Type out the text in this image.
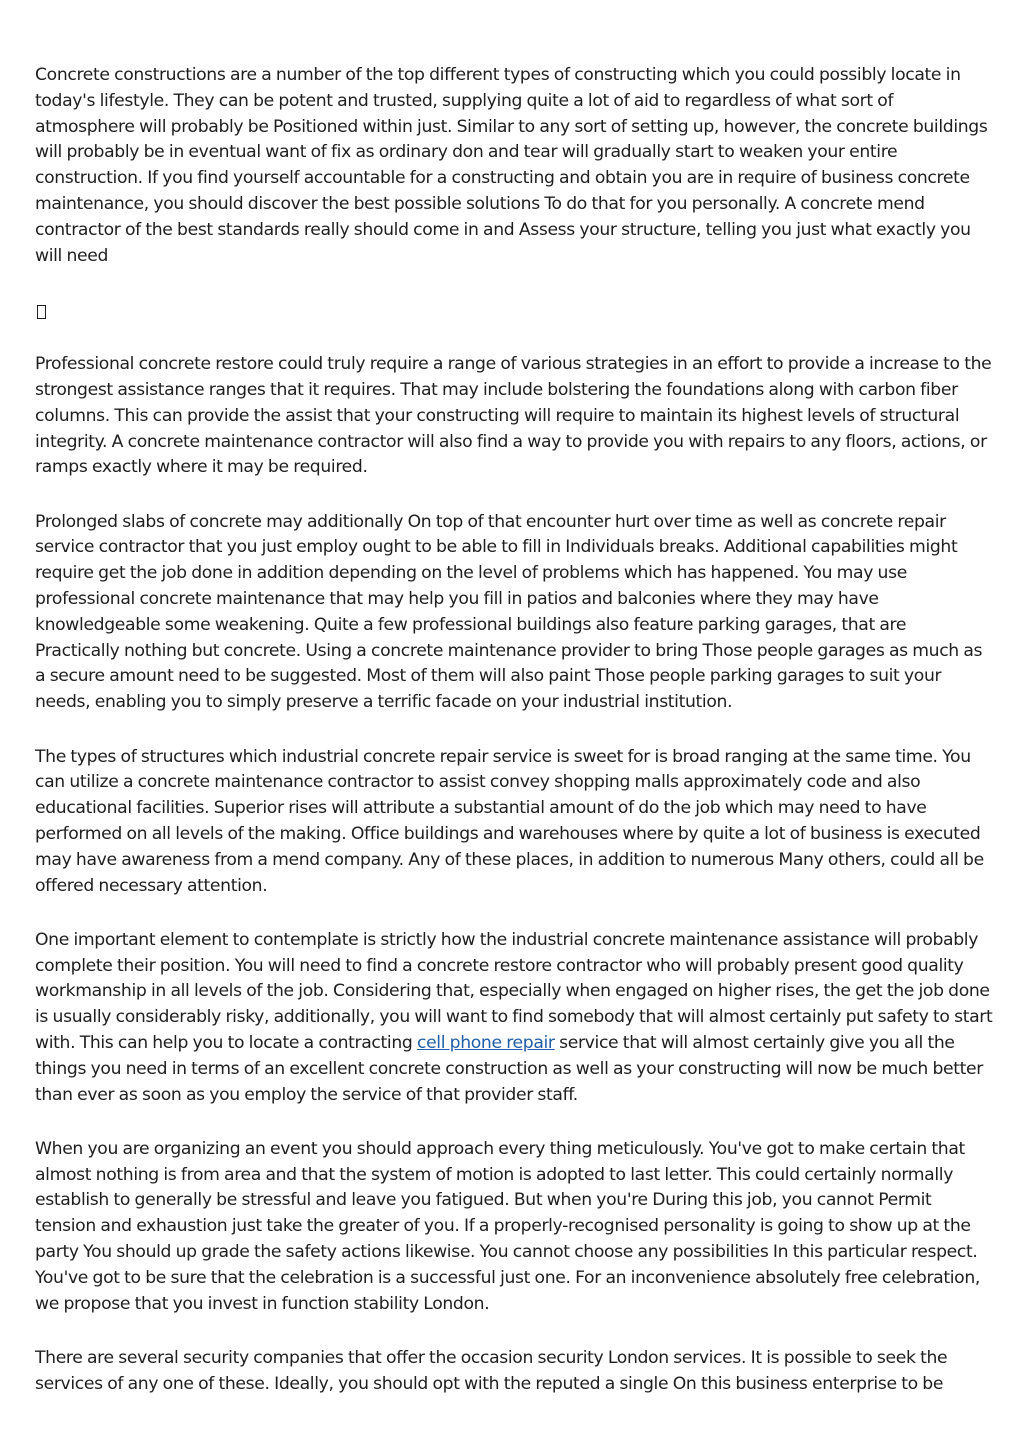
Concrete constructions are a number of the top different types of constructing which you could possibly locate in today's lifestyle. They can be potent and trusted, supplying quite a lot of aid to regardless of what sort of atmosphere will probably be Positioned within just. Similar to any sort of setting up, however, the concrete buildings will probably be in eventual want of fix as ordinary don and tear will gradually start to weaken your entire construction. If you find yourself accountable for a constructing and obtain you are in require of business concrete maintenance, you should discover the best possible solutions To do that for you personally. A concrete mend contractor of the best standards really should come in and Assess your structure, telling you just what exactly you will need

Professional concrete restore could truly require a range of various strategies in an effort to provide a increase to the strongest assistance ranges that it requires. That may include bolstering the foundations along with carbon fiber columns. This can provide the assist that your constructing will require to maintain its highest levels of structural integrity. A concrete maintenance contractor will also find a way to provide you with repairs to any floors, actions, or ramps exactly where it may be required.

Prolonged slabs of concrete may additionally On top of that encounter hurt over time as well as concrete repair service contractor that you just employ ought to be able to fill in Individuals breaks. Additional capabilities might require get the job done in addition depending on the level of problems which has happened. You may use professional concrete maintenance that may help you fill in patios and balconies where they may have knowledgeable some weakening. Quite a few professional buildings also feature parking garages, that are Practically nothing but concrete. Using a concrete maintenance provider to bring Those people garages as much as a secure amount need to be suggested. Most of them will also paint Those people parking garages to suit your needs, enabling you to simply preserve a terrific facade on your industrial institution.

The types of structures which industrial concrete repair service is sweet for is broad ranging at the same time. You can utilize a concrete maintenance contractor to assist convey shopping malls approximately code and also educational facilities. Superior rises will attribute a substantial amount of do the job which may need to have performed on all levels of the making. Office buildings and warehouses where by quite a lot of business is executed may have awareness from a mend company. Any of these places, in addition to numerous Many others, could all be offered necessary attention.

One important element to contemplate is strictly how the industrial concrete maintenance assistance will probably complete their position. You will need to find a concrete restore contractor who will probably present good quality workmanship in all levels of the job. Considering that, especially when engaged on higher rises, the get the job done is usually considerably risky, additionally, you will want to find somebody that will almost certainly put safety to start with. This can help you to locate a contracting cell phone repair service that will almost certainly give you all the things you need in terms of an excellent concrete construction as well as your constructing will now be much better than ever as soon as you employ the service of that provider staff.

When you are organizing an event you should approach every thing meticulously. You've got to make certain that almost nothing is from area and that the system of motion is adopted to last letter. This could certainly normally establish to generally be stressful and leave you fatigued. But when you're During this job, you cannot Permit tension and exhaustion just take the greater of you. If a properly-recognised personality is going to show up at the party You should up grade the safety actions likewise. You cannot choose any possibilities In this particular respect. You've got to be sure that the celebration is a successful just one. For an inconvenience absolutely free celebration, we propose that you invest in function stability London.

There are several security companies that offer the occasion security London services. It is possible to seek the services of any one of these. Ideally, you should opt with the reputed a single On this business enterprise to be
